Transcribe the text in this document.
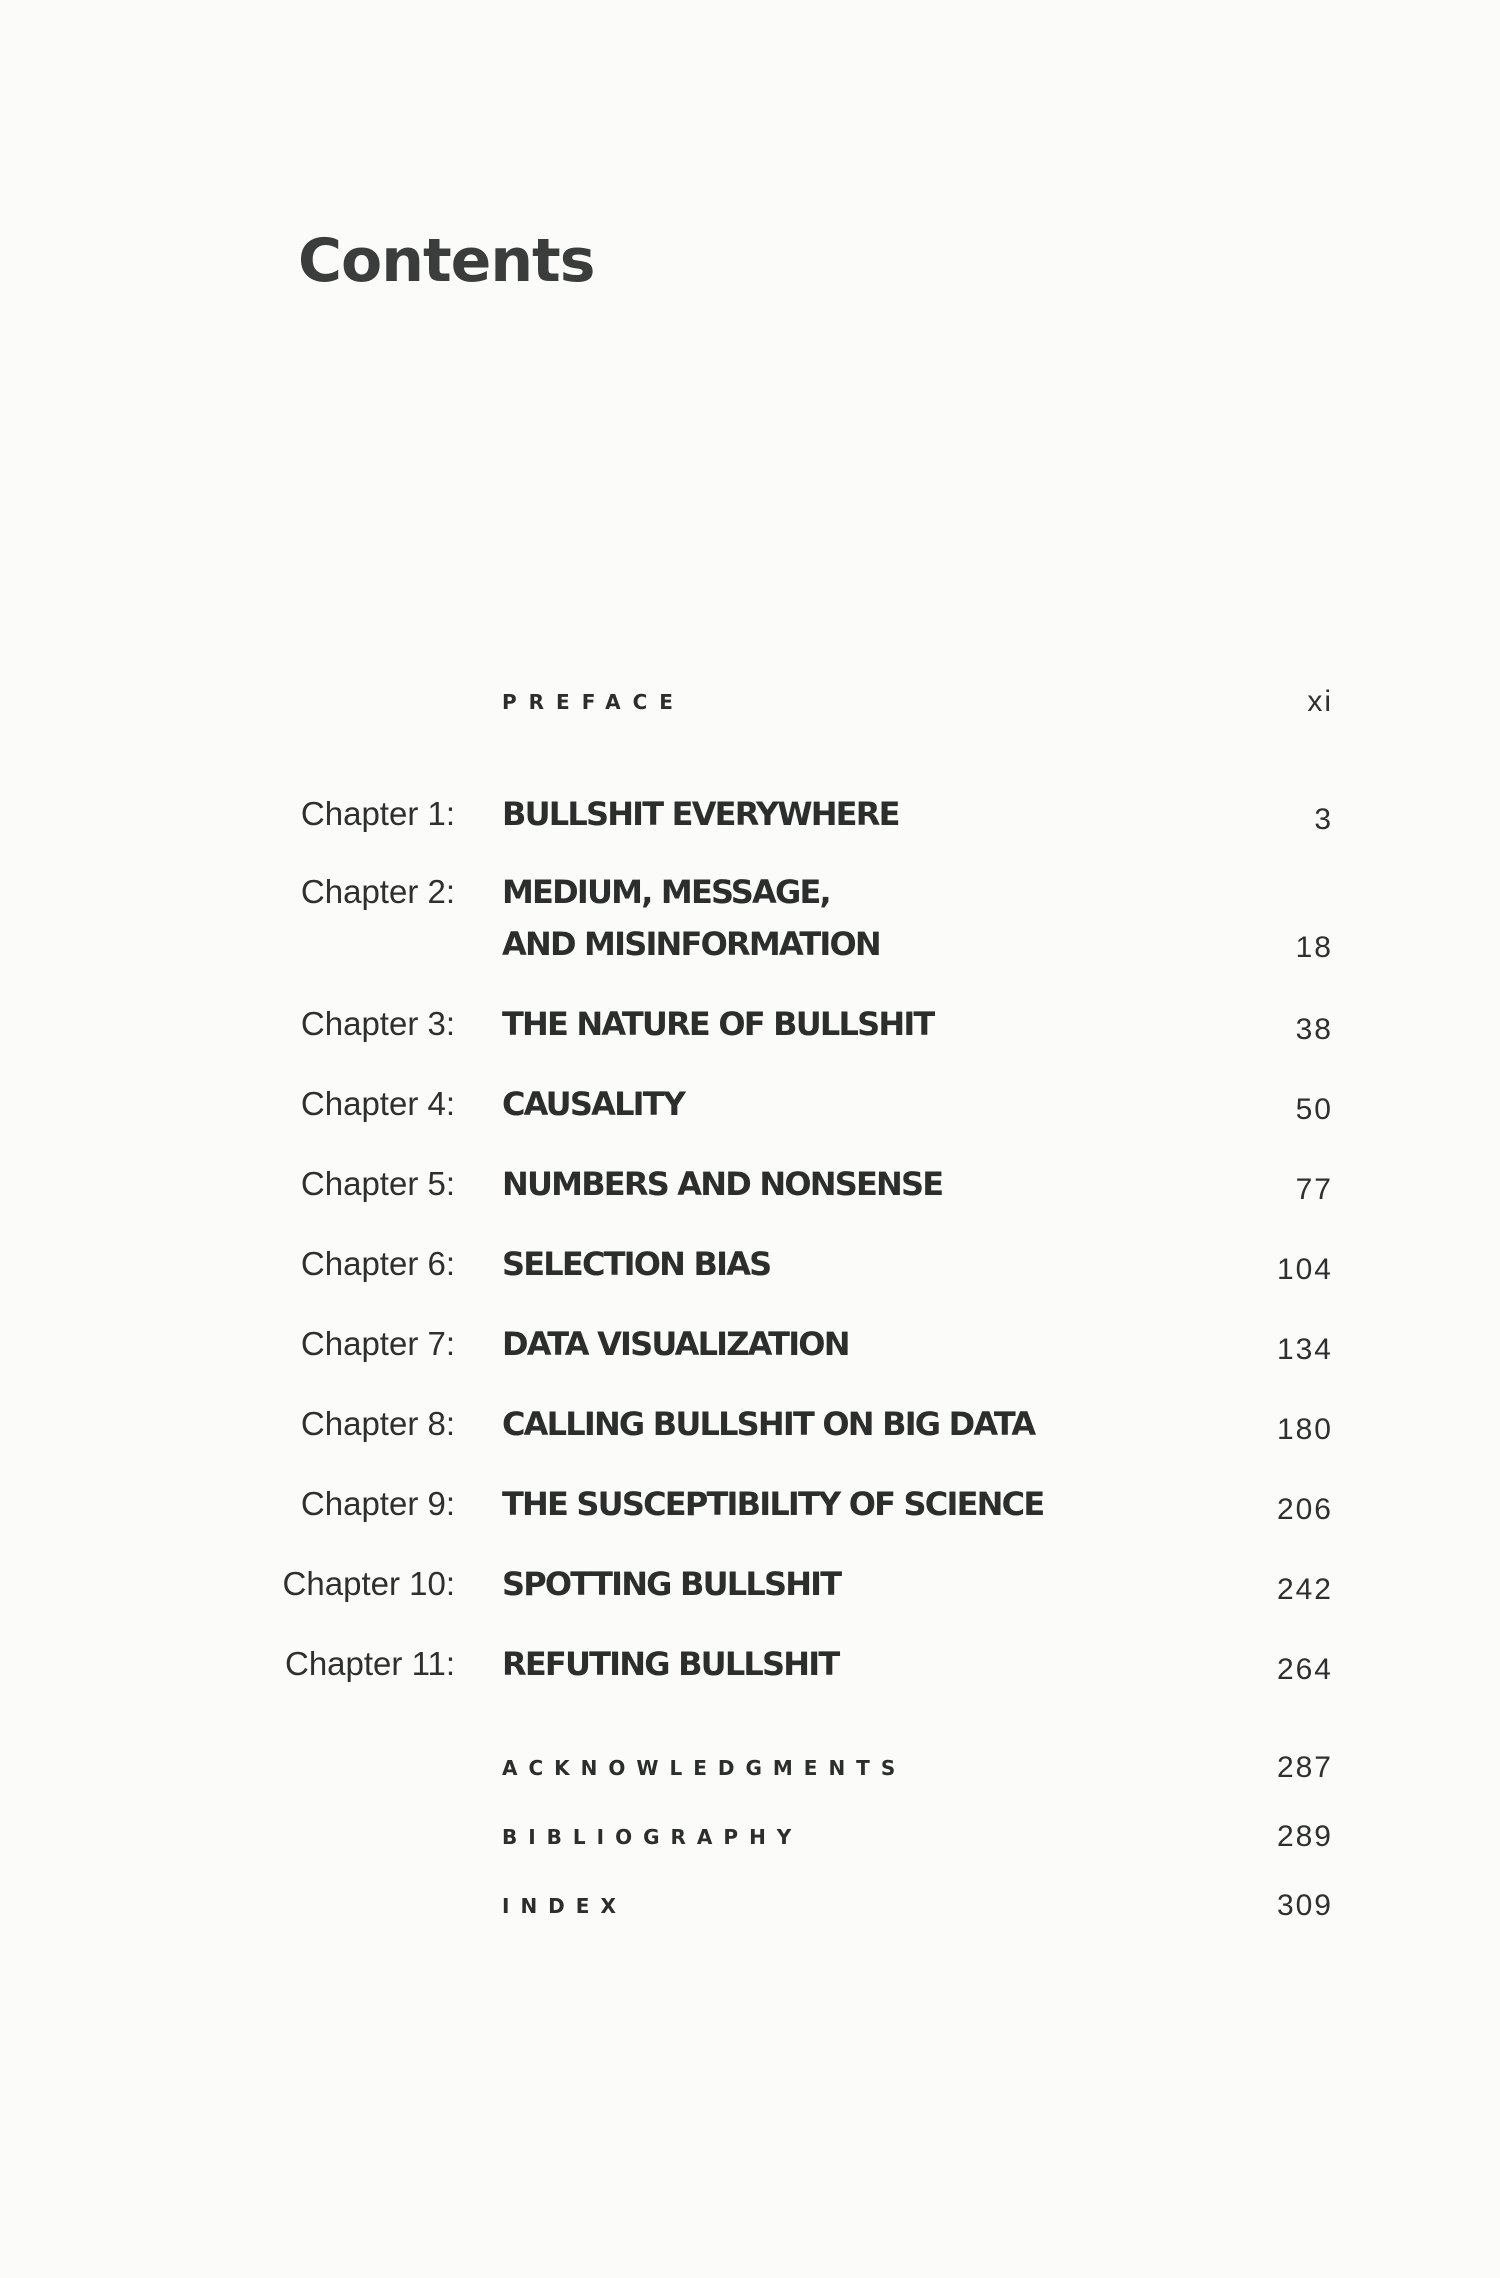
Contents
PREFACE	xi
Chapter 1: BULLSHIT EVERYWHERE	3
Chapter 2: MEDIUM, MESSAGE,
AND MISINFORMATION	18
Chapter 3: THE NATURE OF BULLSHIT	38
Chapter 4: CAUSALITY	50
Chapter 5: NUMBERS AND NONSENSE	77
Chapter 6: SELECTION BIAS	104
Chapter 7: DATA VISUALIZATION	134
Chapter 8: CALLING BULLSHIT ON BIG DATA	180
Chapter 9: THE SUSCEPTIBILITY OF SCIENCE	206
Chapter 10: SPOTTING BULLSHIT	242
Chapter 11: REFUTING BULLSHIT	264
ACKNOWLEDGMENTS	287
BIBLIOGRAPHY	289
INDEX	309
